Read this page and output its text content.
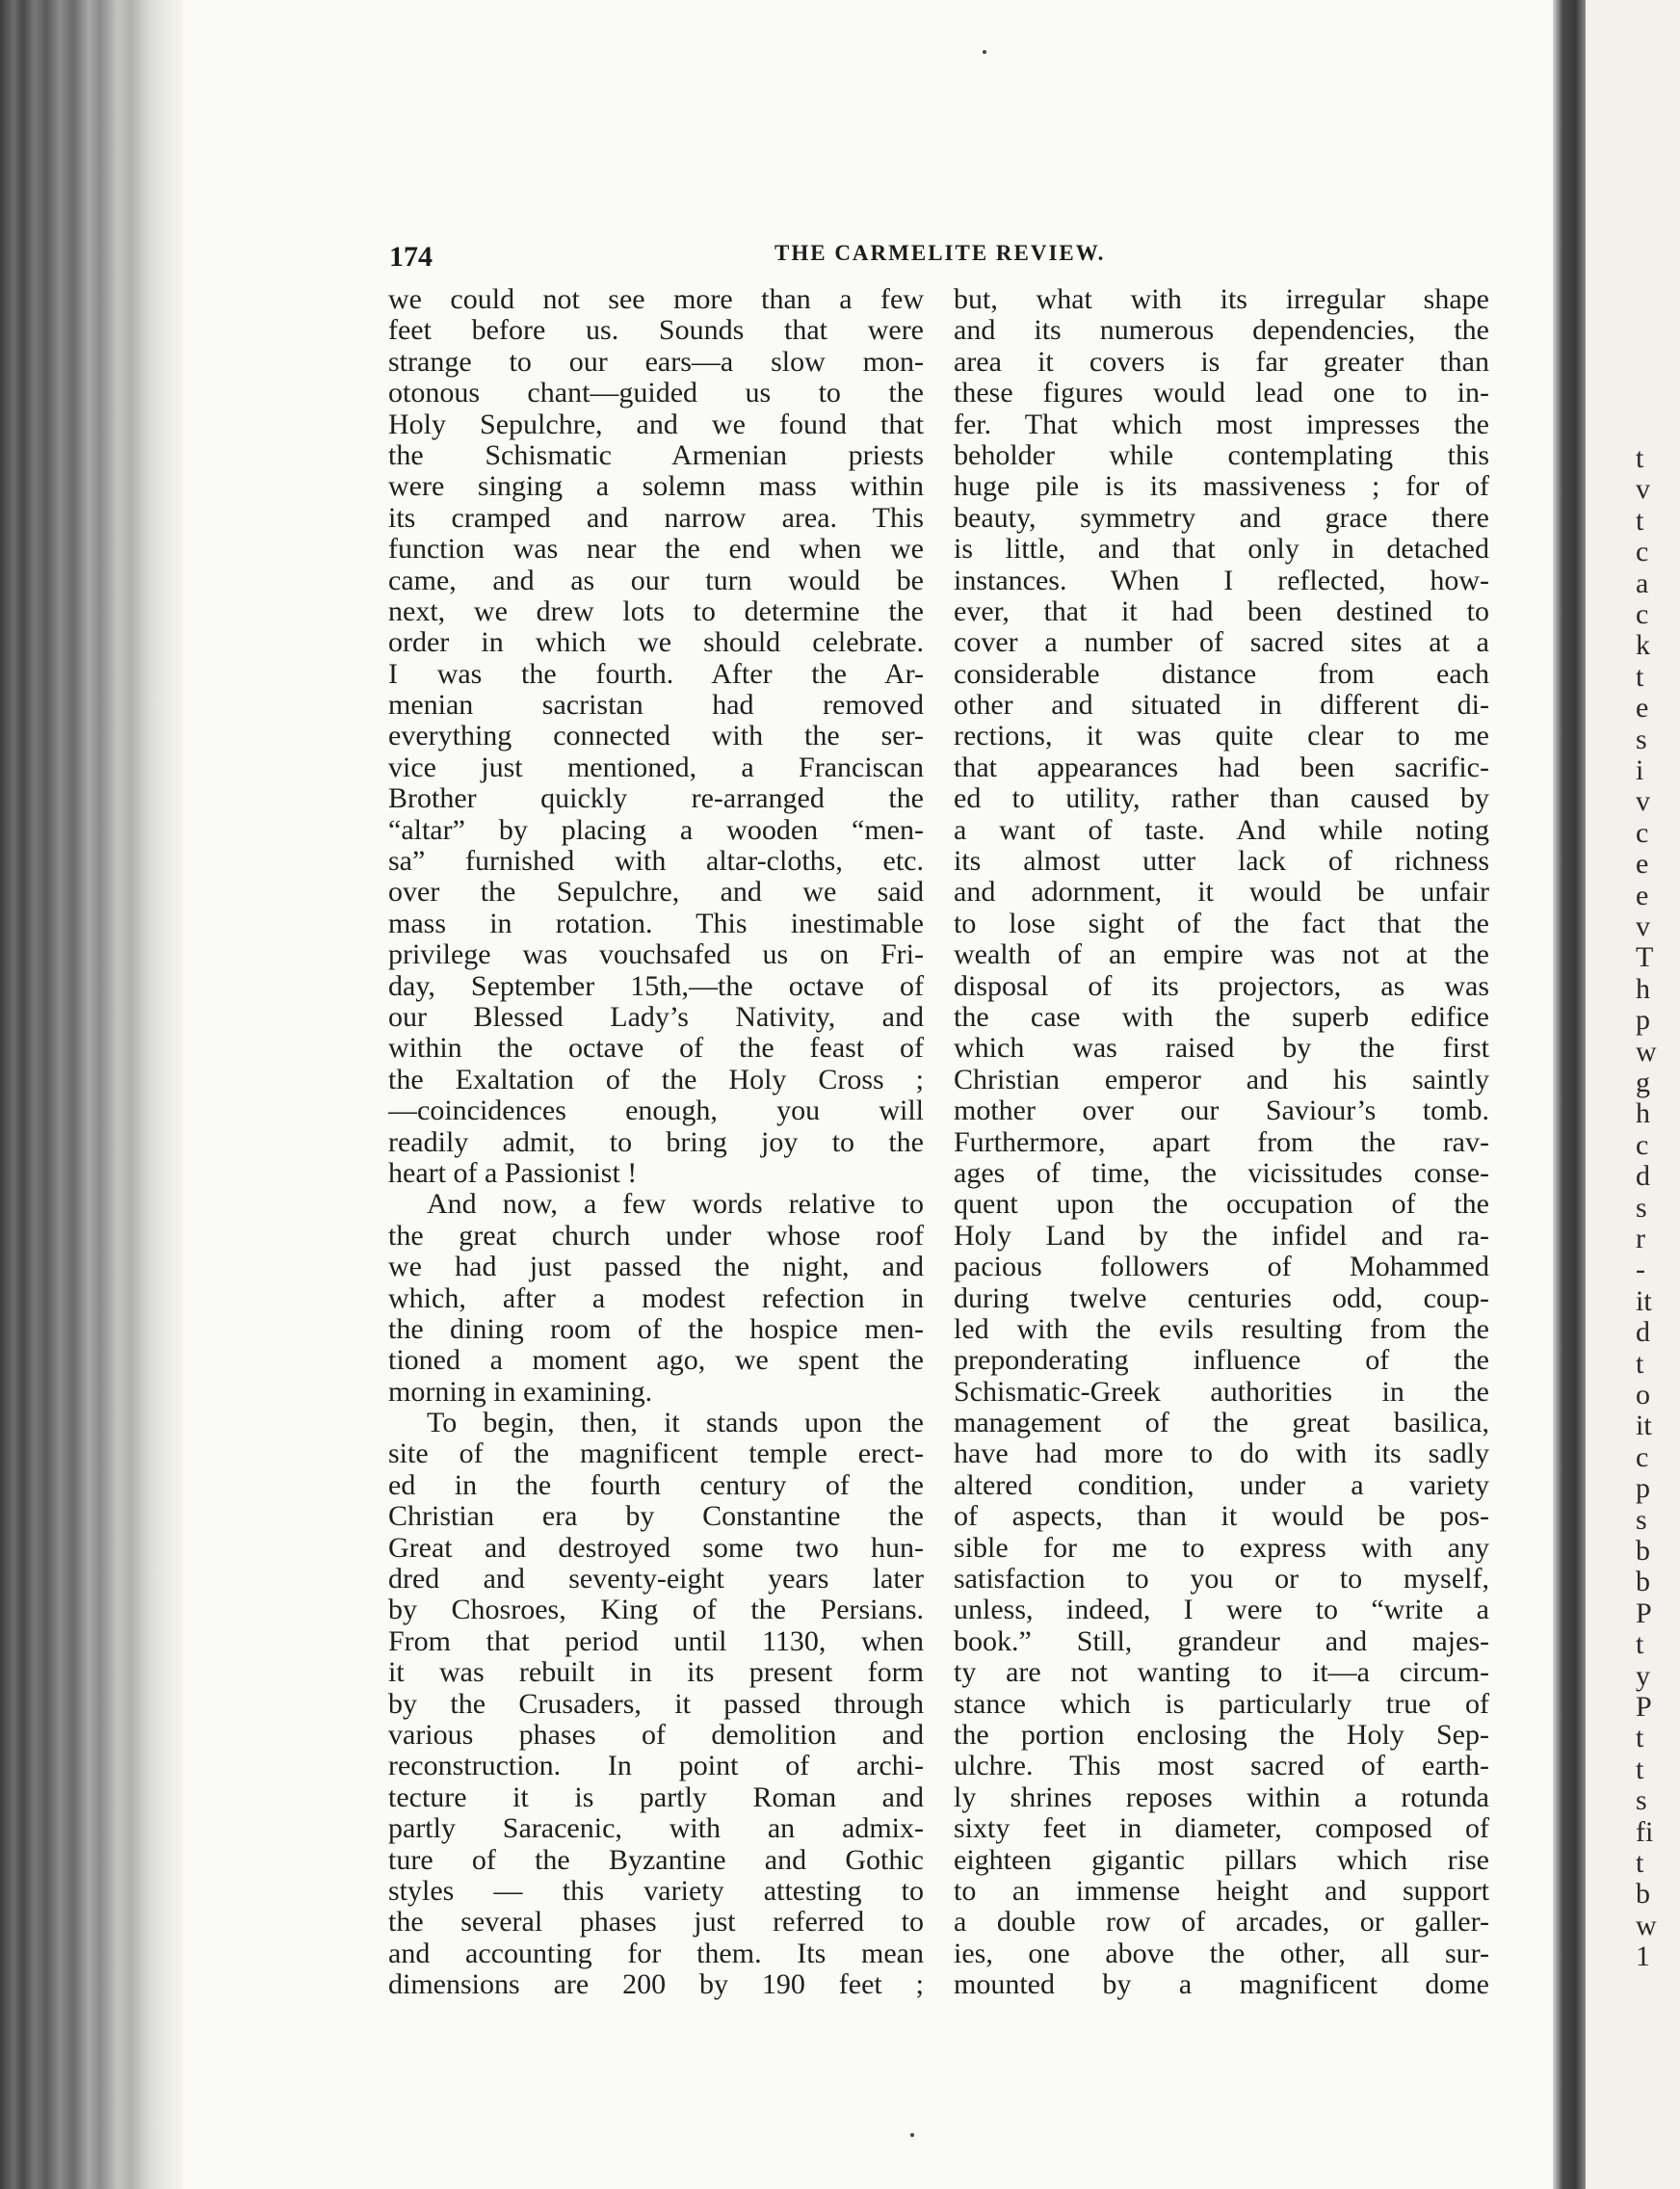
t
v
t
c
a
c
k
t
e
s
i
v
c
e
e
v
T
h
p
w
g
h
c
d
s
r
-
it
d
t
o
it
c
p
s
b
b
P
t
y
P
t
t
s
fi
t
b
w
1
174	THE CARMELITE REVIEW.
we could not see more than a few
feet before us. Sounds that were
strange to our ears—a slow mon-
otonous chant—guided us to the
Holy Sepulchre, and we found that
the Schismatic Armenian priests
were singing a solemn mass within
its cramped and narrow area. This
function was near the end when we
came, and as our turn would be
next, we drew lots to determine the
order in which we should celebrate.
I was the fourth. After the Ar-
menian sacristan had removed
everything connected with the ser-
vice just mentioned, a Franciscan
Brother quickly re-arranged the
“altar” by placing a wooden “men-
sa” furnished with altar-cloths, etc.
over the Sepulchre, and we said
mass in rotation. This inestimable
privilege was vouchsafed us on Fri-
day, September 15th,—the octave of
our Blessed Lady’s Nativity, and
within the octave of the feast of
the Exaltation of the Holy Cross ;
—coincidences enough, you will
readily admit, to bring joy to the
heart of a Passionist !
And now, a few words relative to
the great church under whose roof
we had just passed the night, and
which, after a modest refection in
the dining room of the hospice men-
tioned a moment ago, we spent the
morning in examining.
To begin, then, it stands upon the
site of the magnificent temple erect-
ed in the fourth century of the
Christian era by Constantine the
Great and destroyed some two hun-
dred and seventy-eight years later
by Chosroes, King of the Persians.
From that period until 1130, when
it was rebuilt in its present form
by the Crusaders, it passed through
various phases of demolition and
reconstruction. In point of archi-
tecture it is partly Roman and
partly Saracenic, with an admix-
ture of the Byzantine and Gothic
styles — this variety attesting to
the several phases just referred to
and accounting for them. Its mean
dimensions are 200 by 190 feet ;
but, what with its irregular shape
and its numerous dependencies, the
area it covers is far greater than
these figures would lead one to in-
fer. That which most impresses the
beholder while contemplating this
huge pile is its massiveness ; for of
beauty, symmetry and grace there
is little, and that only in detached
instances. When I reflected, how-
ever, that it had been destined to
cover a number of sacred sites at a
considerable distance from each
other and situated in different di-
rections, it was quite clear to me
that appearances had been sacrific-
ed to utility, rather than caused by
a want of taste. And while noting
its almost utter lack of richness
and adornment, it would be unfair
to lose sight of the fact that the
wealth of an empire was not at the
disposal of its projectors, as was
the case with the superb edifice
which was raised by the first
Christian emperor and his saintly
mother over our Saviour’s tomb.
Furthermore, apart from the rav-
ages of time, the vicissitudes conse-
quent upon the occupation of the
Holy Land by the infidel and ra-
pacious followers of Mohammed
during twelve centuries odd, coup-
led with the evils resulting from the
preponderating influence of the
Schismatic-Greek authorities in the
management of the great basilica,
have had more to do with its sadly
altered condition, under a variety
of aspects, than it would be pos-
sible for me to express with any
satisfaction to you or to myself,
unless, indeed, I were to “write a
book.” Still, grandeur and majes-
ty are not wanting to it—a circum-
stance which is particularly true of
the portion enclosing the Holy Sep-
ulchre. This most sacred of earth-
ly shrines reposes within a rotunda
sixty feet in diameter, composed of
eighteen gigantic pillars which rise
to an immense height and support
a double row of arcades, or galler-
ies, one above the other, all sur-
mounted by a magnificent dome
